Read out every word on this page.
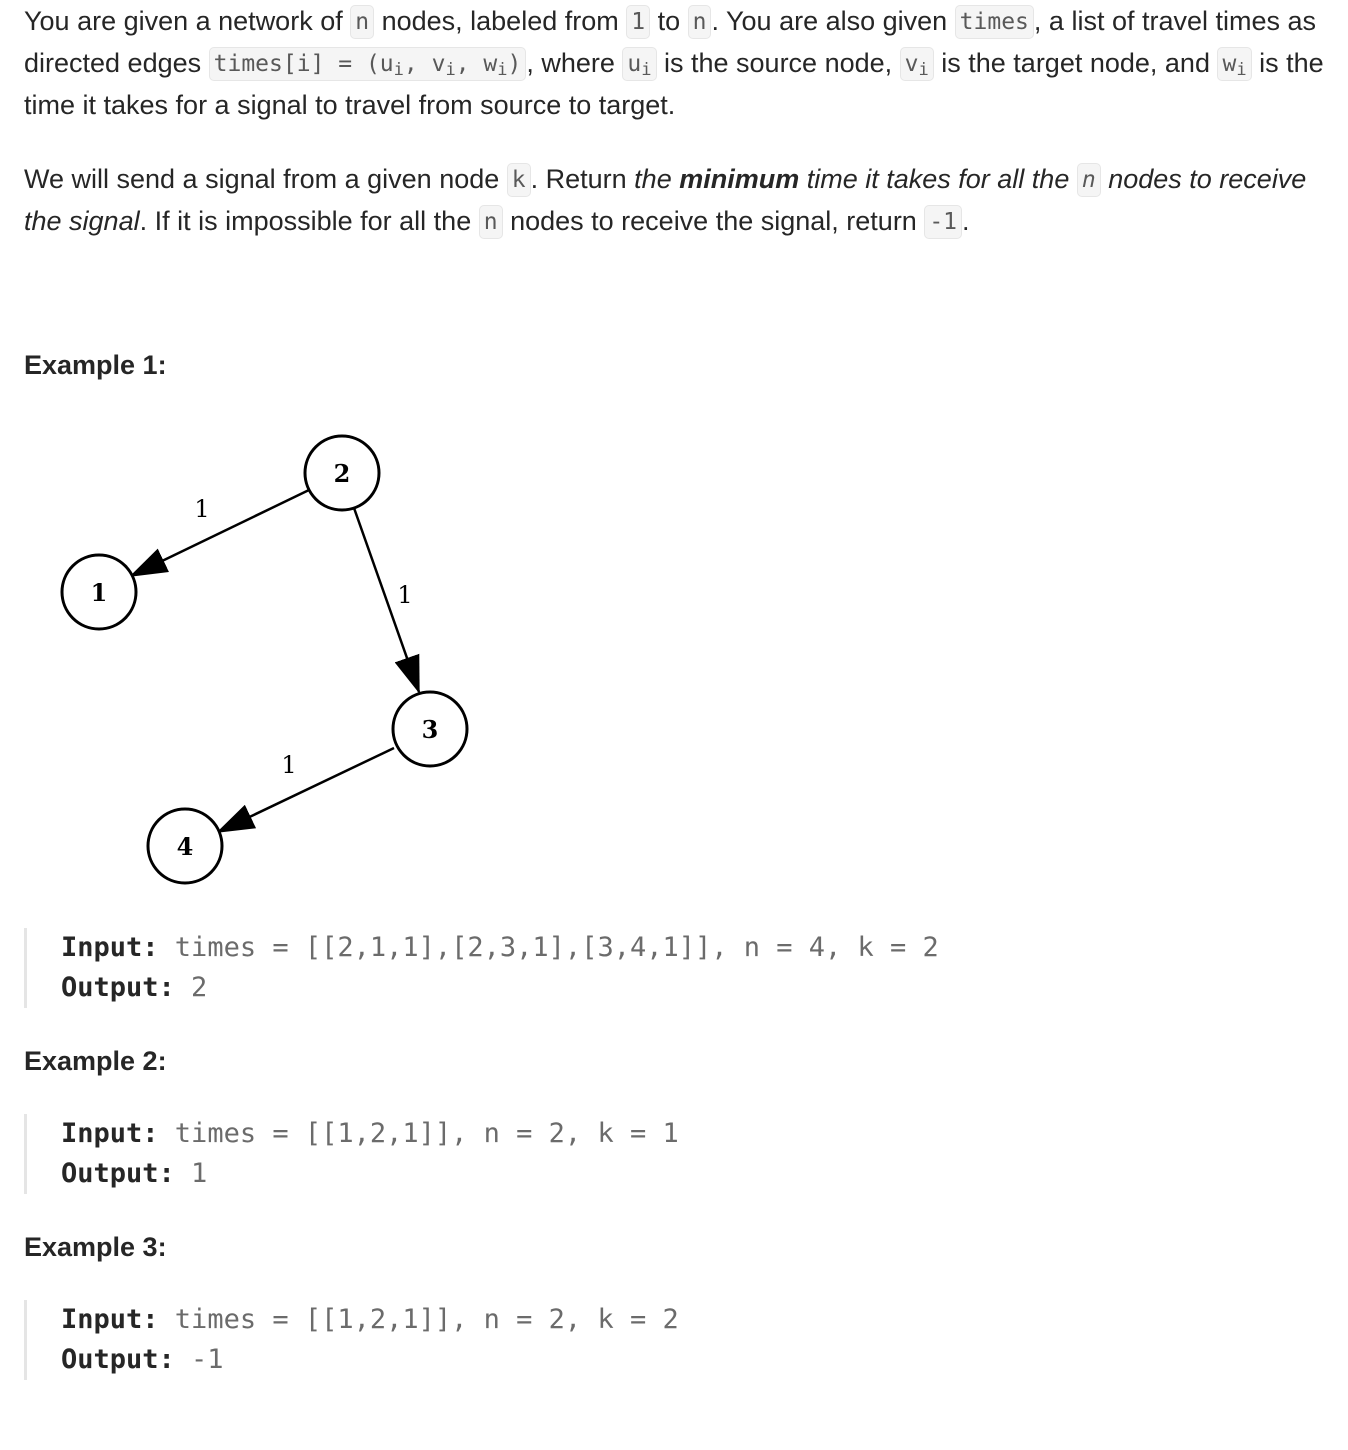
You are given a network of n nodes, labeled from 1 to n . You are also given times , a list of travel times as directed edges times[i] = ($u_i$, $v_i$, $w_i$) , where $u_i$ is the source node, $v_i$ is the target node, and $w_i$ is the time it takes for a signal to travel from source to target.

We will send a signal from a given node k . Return the minimum time it takes for all the n nodes to receive the signal. If it is impossible for all the n nodes to receive the signal, return -1 .

Example 1:
1
1
1
2
1
3
4
Input: times = [[2,1,1],[2,3,1],[3,4,1]], n = 4, k = 2
Output: 2
Example 2:
Input: times = [[1,2,1]], n = 2, k = 1
Output: 1
Example 3:
Input: times = [[1,2,1]], n = 2, k = 2
Output: -1
